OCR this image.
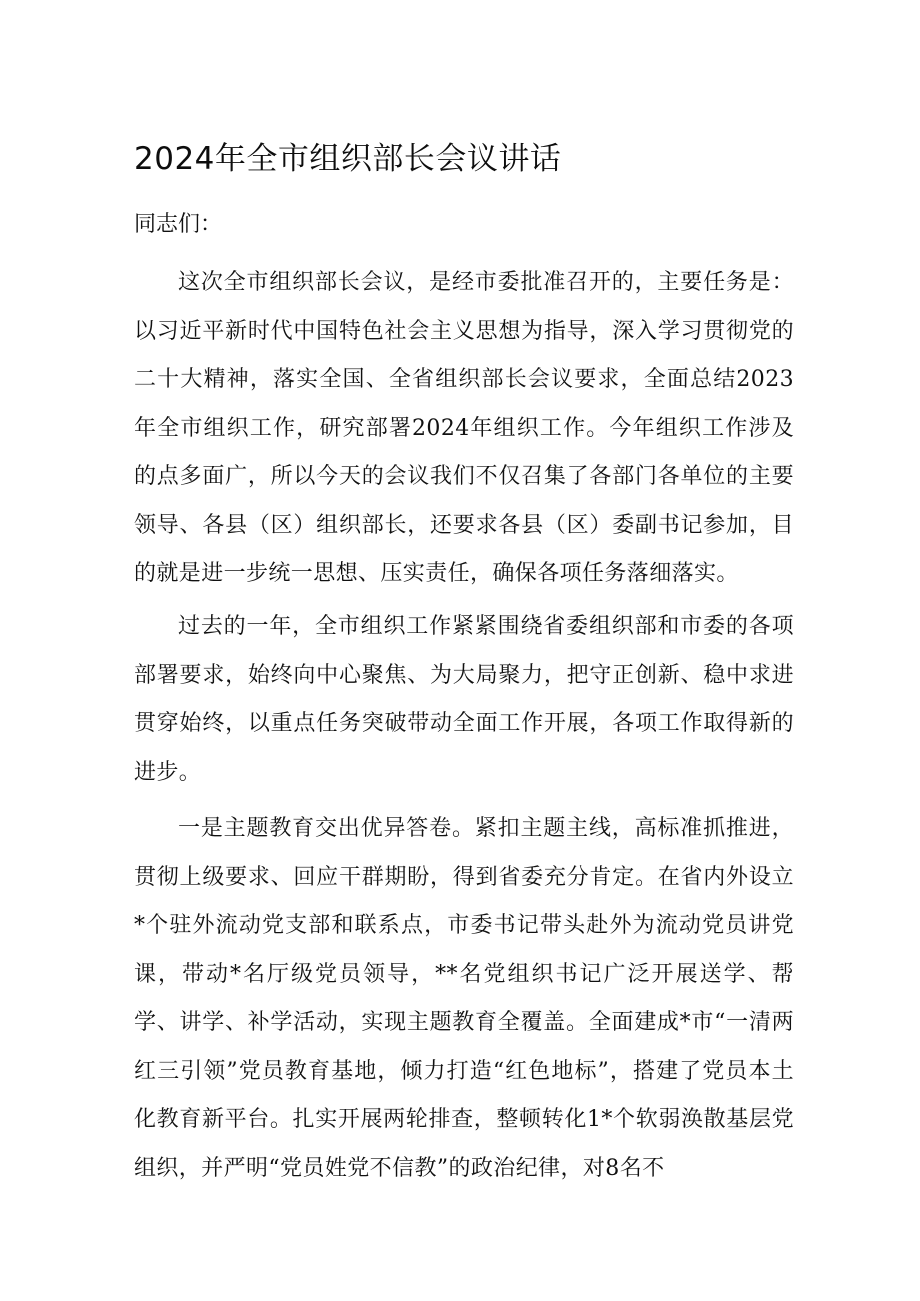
2024年全市组织部长会议讲话
同志们：

这次全市组织部长会议，是经市委批准召开的，主要任务是：以习近平新时代中国特色社会主义思想为指导，深入学习贯彻党的二十大精神，落实全国、全省组织部长会议要求，全面总结2023年全市组织工作，研究部署2024年组织工作。今年组织工作涉及的点多面广，所以今天的会议我们不仅召集了各部门各单位的主要领导、各县（区）组织部长，还要求各县（区）委副书记参加，目的就是进一步统一思想、压实责任，确保各项任务落细落实。

过去的一年，全市组织工作紧紧围绕省委组织部和市委的各项部署要求，始终向中心聚焦、为大局聚力，把守正创新、稳中求进贯穿始终，以重点任务突破带动全面工作开展，各项工作取得新的进步。

一是主题教育交出优异答卷。紧扣主题主线，高标准抓推进，贯彻上级要求、回应干群期盼，得到省委充分肯定。在省内外设立*个驻外流动党支部和联系点，市委书记带头赴外为流动党员讲党课，带动*名厅级党员领导，**名党组织书记广泛开展送学、帮学、讲学、补学活动，实现主题教育全覆盖。全面建成*市“一清两红三引领”党员教育基地，倾力打造“红色地标”，搭建了党员本土化教育新平台。扎实开展两轮排查，整顿转化1*个软弱涣散基层党组织，并严明“党员姓党不信教”的政治纪律，对8名不
